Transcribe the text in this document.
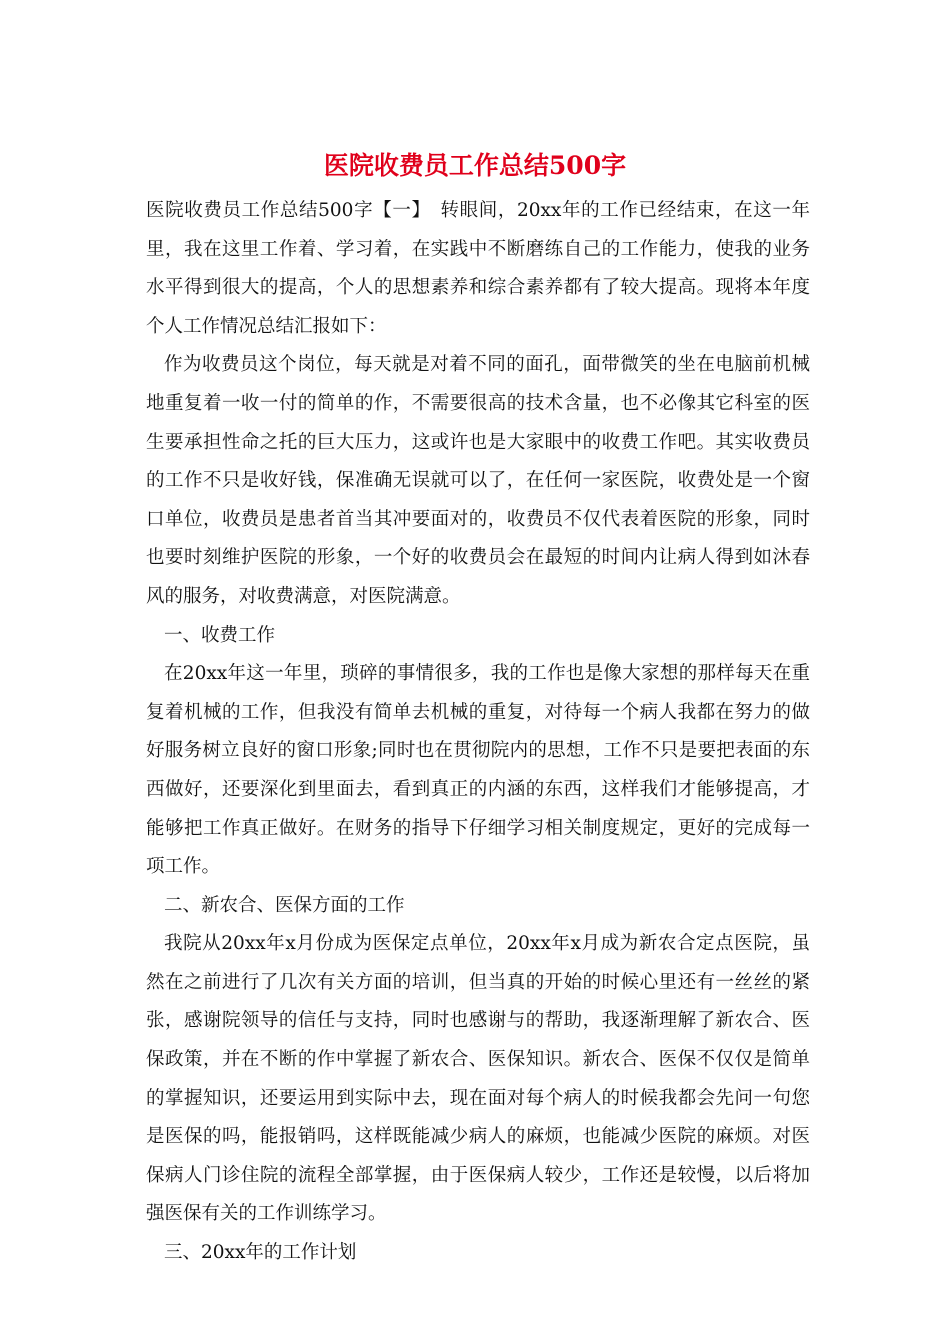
医院收费员工作总结500字

医院收费员工作总结500字【一】　转眼间，20xx年的工作已经结束，在这一年里，我在这里工作着、学习着，在实践中不断磨练自己的工作能力，使我的业务水平得到很大的提高，个人的思想素养和综合素养都有了较大提高。现将本年度个人工作情况总结汇报如下：

作为收费员这个岗位，每天就是对着不同的面孔，面带微笑的坐在电脑前机械地重复着一收一付的简单的作，不需要很高的技术含量，也不必像其它科室的医生要承担性命之托的巨大压力，这或许也是大家眼中的收费工作吧。其实收费员的工作不只是收好钱，保准确无误就可以了，在任何一家医院，收费处是一个窗口单位，收费员是患者首当其冲要面对的，收费员不仅代表着医院的形象，同时也要时刻维护医院的形象，一个好的收费员会在最短的时间内让病人得到如沐春风的服务，对收费满意，对医院满意。

一、收费工作

在20xx年这一年里，琐碎的事情很多，我的工作也是像大家想的那样每天在重复着机械的工作，但我没有简单去机械的重复，对待每一个病人我都在努力的做好服务树立良好的窗口形象;同时也在贯彻院内的思想，工作不只是要把表面的东西做好，还要深化到里面去，看到真正的内涵的东西，这样我们才能够提高，才能够把工作真正做好。在财务的指导下仔细学习相关制度规定，更好的完成每一项工作。

二、新农合、医保方面的工作

我院从20xx年x月份成为医保定点单位，20xx年x月成为新农合定点医院，虽然在之前进行了几次有关方面的培训，但当真的开始的时候心里还有一丝丝的紧张，感谢院领导的信任与支持，同时也感谢与的帮助，我逐渐理解了新农合、医保政策，并在不断的作中掌握了新农合、医保知识。新农合、医保不仅仅是简单的掌握知识，还要运用到实际中去，现在面对每个病人的时候我都会先问一句您是医保的吗，能报销吗，这样既能减少病人的麻烦，也能减少医院的麻烦。对医保病人门诊住院的流程全部掌握，由于医保病人较少，工作还是较慢，以后将加强医保有关的工作训练学习。

三、20xx年的工作计划
